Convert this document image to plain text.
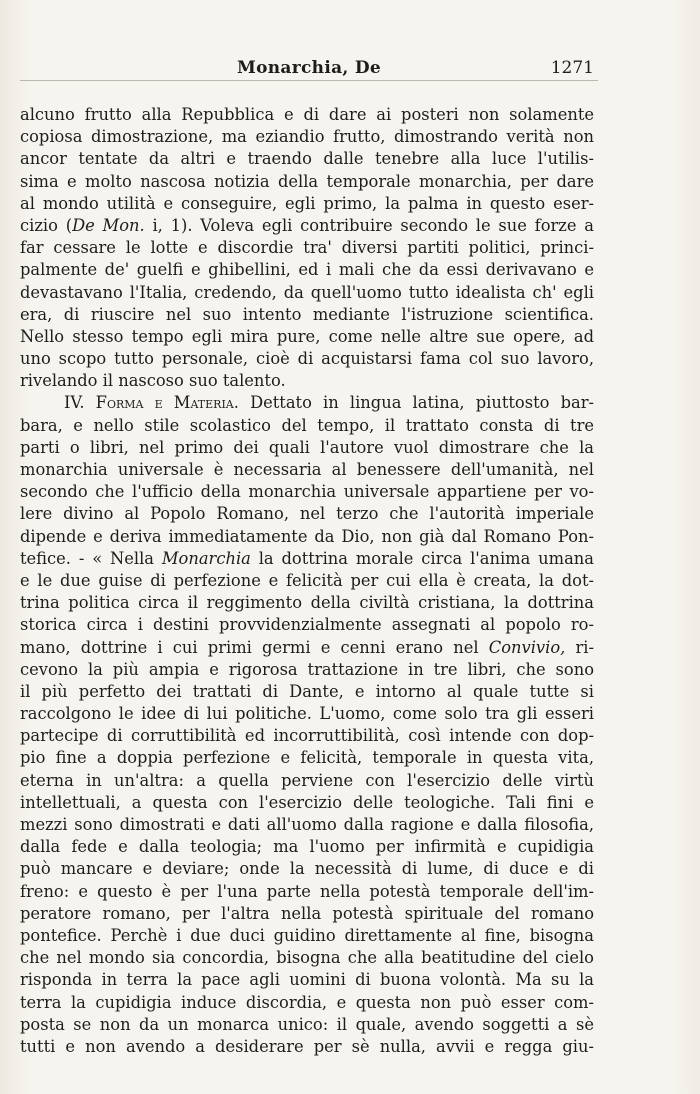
Monarchia, De	1271
alcuno frutto alla Repubblica e di dare ai posteri non solamente
copiosa dimostrazione, ma eziandio frutto, dimostrando verità non
ancor tentate da altri e traendo dalle tenebre alla luce l'utilis-
sima e molto nascosa notizia della temporale monarchia, per dare
al mondo utilità e conseguire, egli primo, la palma in questo eser-
cizio (De Mon. i, 1). Voleva egli contribuire secondo le sue forze a
far cessare le lotte e discordie tra' diversi partiti politici, princi-
palmente de' guelfi e ghibellini, ed i mali che da essi derivavano e
devastavano l'Italia, credendo, da quell'uomo tutto idealista ch' egli
era, di riuscire nel suo intento mediante l'istruzione scientifica.
Nello stesso tempo egli mira pure, come nelle altre sue opere, ad
uno scopo tutto personale, cioè di acquistarsi fama col suo lavoro,
rivelando il nascoso suo talento.
IV. Forma e Materia. Dettato in lingua latina, piuttosto bar-
bara, e nello stile scolastico del tempo, il trattato consta di tre
parti o libri, nel primo dei quali l'autore vuol dimostrare che la
monarchia universale è necessaria al benessere dell'umanità, nel
secondo che l'ufficio della monarchia universale appartiene per vo-
lere divino al Popolo Romano, nel terzo che l'autorità imperiale
dipende e deriva immediatamente da Dio, non già dal Romano Pon-
tefice. - « Nella Monarchia la dottrina morale circa l'anima umana
e le due guise di perfezione e felicità per cui ella è creata, la dot-
trina politica circa il reggimento della civiltà cristiana, la dottrina
storica circa i destini provvidenzialmente assegnati al popolo ro-
mano, dottrine i cui primi germi e cenni erano nel Convivio, ri-
cevono la più ampia e rigorosa trattazione in tre libri, che sono
il più perfetto dei trattati di Dante, e intorno al quale tutte si
raccolgono le idee di lui politiche. L'uomo, come solo tra gli esseri
partecipe di corruttibilità ed incorruttibilità, così intende con dop-
pio fine a doppia perfezione e felicità, temporale in questa vita,
eterna in un'altra: a quella perviene con l'esercizio delle virtù
intellettuali, a questa con l'esercizio delle teologiche. Tali fini e
mezzi sono dimostrati e dati all'uomo dalla ragione e dalla filosofia,
dalla fede e dalla teologia; ma l'uomo per infirmità e cupidigia
può mancare e deviare; onde la necessità di lume, di duce e di
freno: e questo è per l'una parte nella potestà temporale dell'im-
peratore romano, per l'altra nella potestà spirituale del romano
pontefice. Perchè i due duci guidino direttamente al fine, bisogna
che nel mondo sia concordia, bisogna che alla beatitudine del cielo
risponda in terra la pace agli uomini di buona volontà. Ma su la
terra la cupidigia induce discordia, e questa non può esser com-
posta se non da un monarca unico: il quale, avendo soggetti a sè
tutti e non avendo a desiderare per sè nulla, avvii e regga giu-
